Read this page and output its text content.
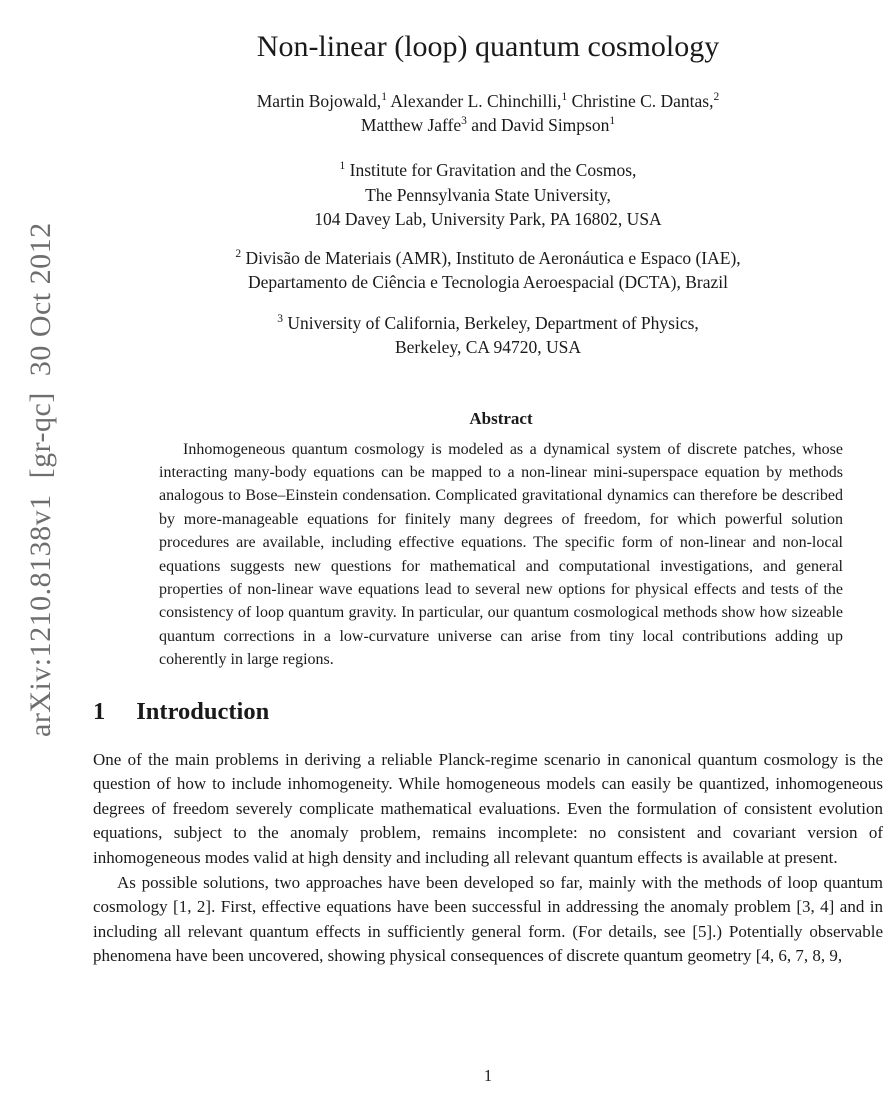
arXiv:1210.8138v1  [gr-qc]  30 Oct 2012
Non-linear (loop) quantum cosmology
Martin Bojowald,$^1$ Alexander L. Chinchilli,$^1$ Christine C. Dantas,$^2$
Matthew Jaffe$^3$ and David Simpson$^1$
$^1$ Institute for Gravitation and the Cosmos,
The Pennsylvania State University,
104 Davey Lab, University Park, PA 16802, USA
$^2$ Divisão de Materiais (AMR), Instituto de Aeronáutica e Espaco (IAE),
Departamento de Ciência e Tecnologia Aeroespacial (DCTA), Brazil
$^3$ University of California, Berkeley, Department of Physics,
Berkeley, CA 94720, USA
Abstract
Inhomogeneous quantum cosmology is modeled as a dynamical system of discrete patches, whose interacting many-body equations can be mapped to a non-linear mini-superspace equation by methods analogous to Bose–Einstein condensation. Complicated gravitational dynamics can therefore be described by more-manageable equations for finitely many degrees of freedom, for which powerful solution procedures are available, including effective equations. The specific form of non-linear and non-local equations suggests new questions for mathematical and computational investigations, and general properties of non-linear wave equations lead to several new options for physical effects and tests of the consistency of loop quantum gravity. In particular, our quantum cosmological methods show how sizeable quantum corrections in a low-curvature universe can arise from tiny local contributions adding up coherently in large regions.
1 Introduction

One of the main problems in deriving a reliable Planck-regime scenario in canonical quantum cosmology is the question of how to include inhomogeneity. While homogeneous models can easily be quantized, inhomogeneous degrees of freedom severely complicate mathematical evaluations. Even the formulation of consistent evolution equations, subject to the anomaly problem, remains incomplete: no consistent and covariant version of inhomogeneous modes valid at high density and including all relevant quantum effects is available at present.

As possible solutions, two approaches have been developed so far, mainly with the methods of loop quantum cosmology [1, 2]. First, effective equations have been successful in addressing the anomaly problem [3, 4] and in including all relevant quantum effects in sufficiently general form. (For details, see [5].) Potentially observable phenomena have been uncovered, showing physical consequences of discrete quantum geometry [4, 6, 7, 8, 9,

1
